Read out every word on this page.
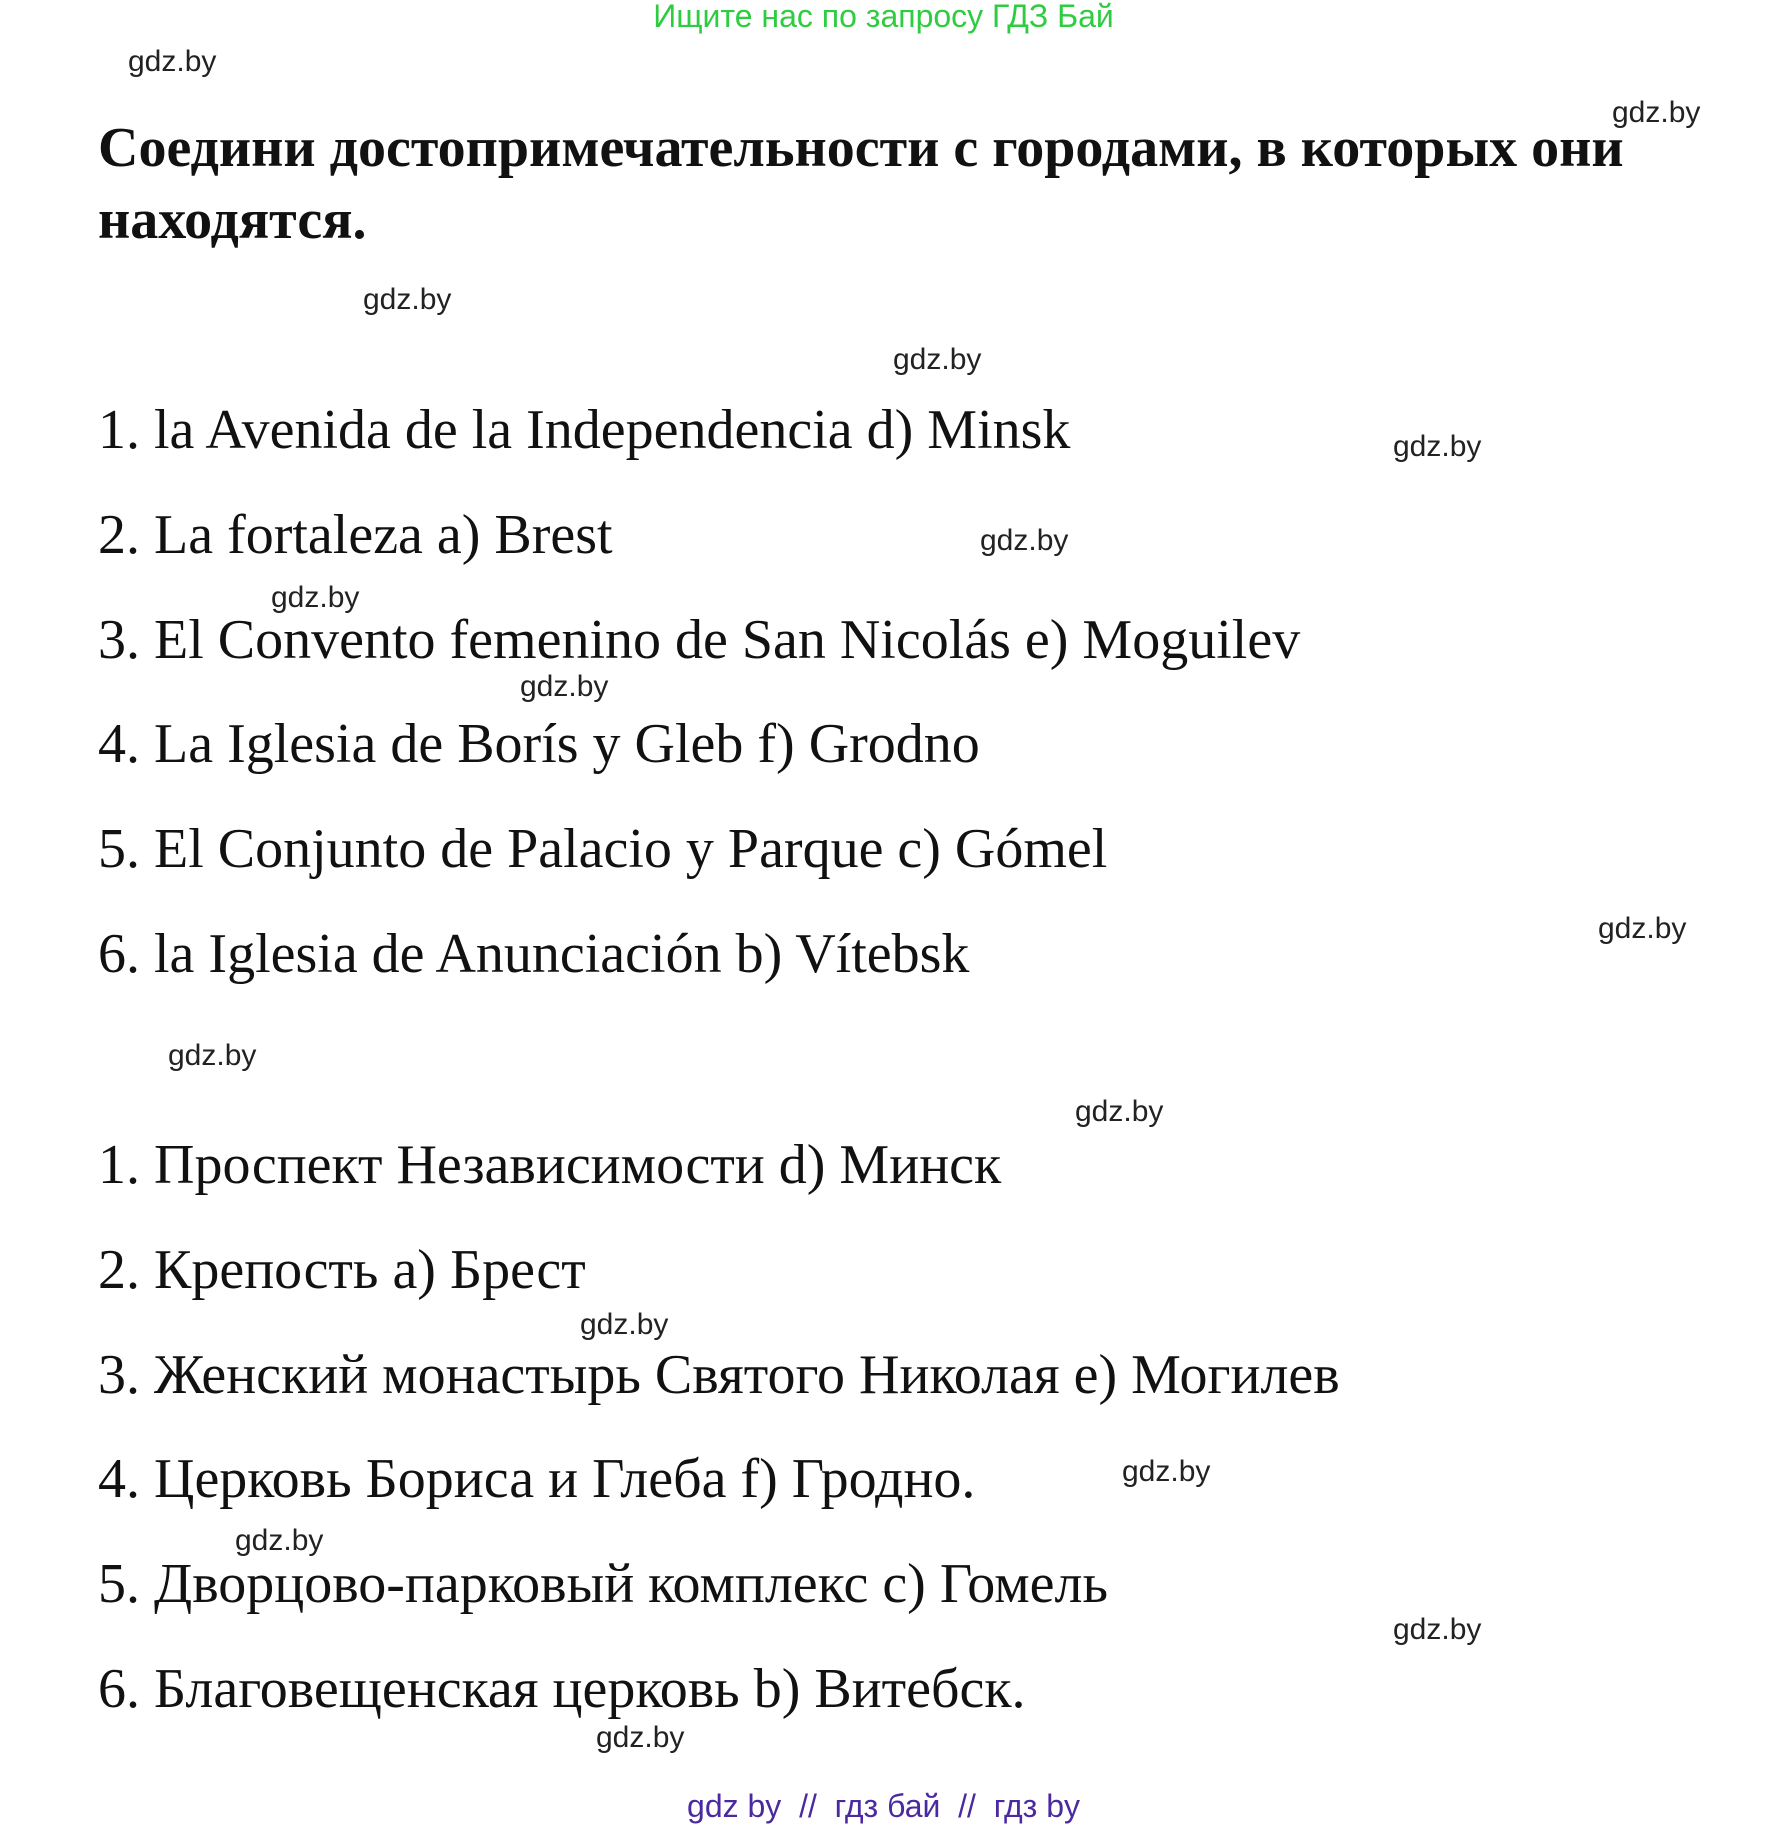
Ищите нас по запросу ГДЗ Бай
Соедини достопримечательности с городами, в которых они находятся.
1. la Avenida de la Independencia d) Minsk
2. La fortaleza a) Brest
3. El Convento femenino de San Nicolás e) Moguilev
4. La Iglesia de Borís y Gleb f) Grodno
5. El Conjunto de Palacio y Parque c) Gómel
6. la Iglesia de Anunciación b) Vítebsk
1. Проспект Независимости d) Минск
2. Крепость a) Брест
3. Женский монастырь Святого Николая e) Могилев
4. Церковь Бориса и Глеба f) Гродно.
5. Дворцово-парковый комплекс c) Гомель
6. Благовещенская церковь b) Витебск.
gdz.by
gdz.by
gdz.by
gdz.by
gdz.by
gdz.by
gdz.by
gdz.by
gdz.by
gdz.by
gdz.by
gdz.by
gdz.by
gdz.by
gdz.by
gdz.by
gdz by  //  гдз бай  //  гдз by
